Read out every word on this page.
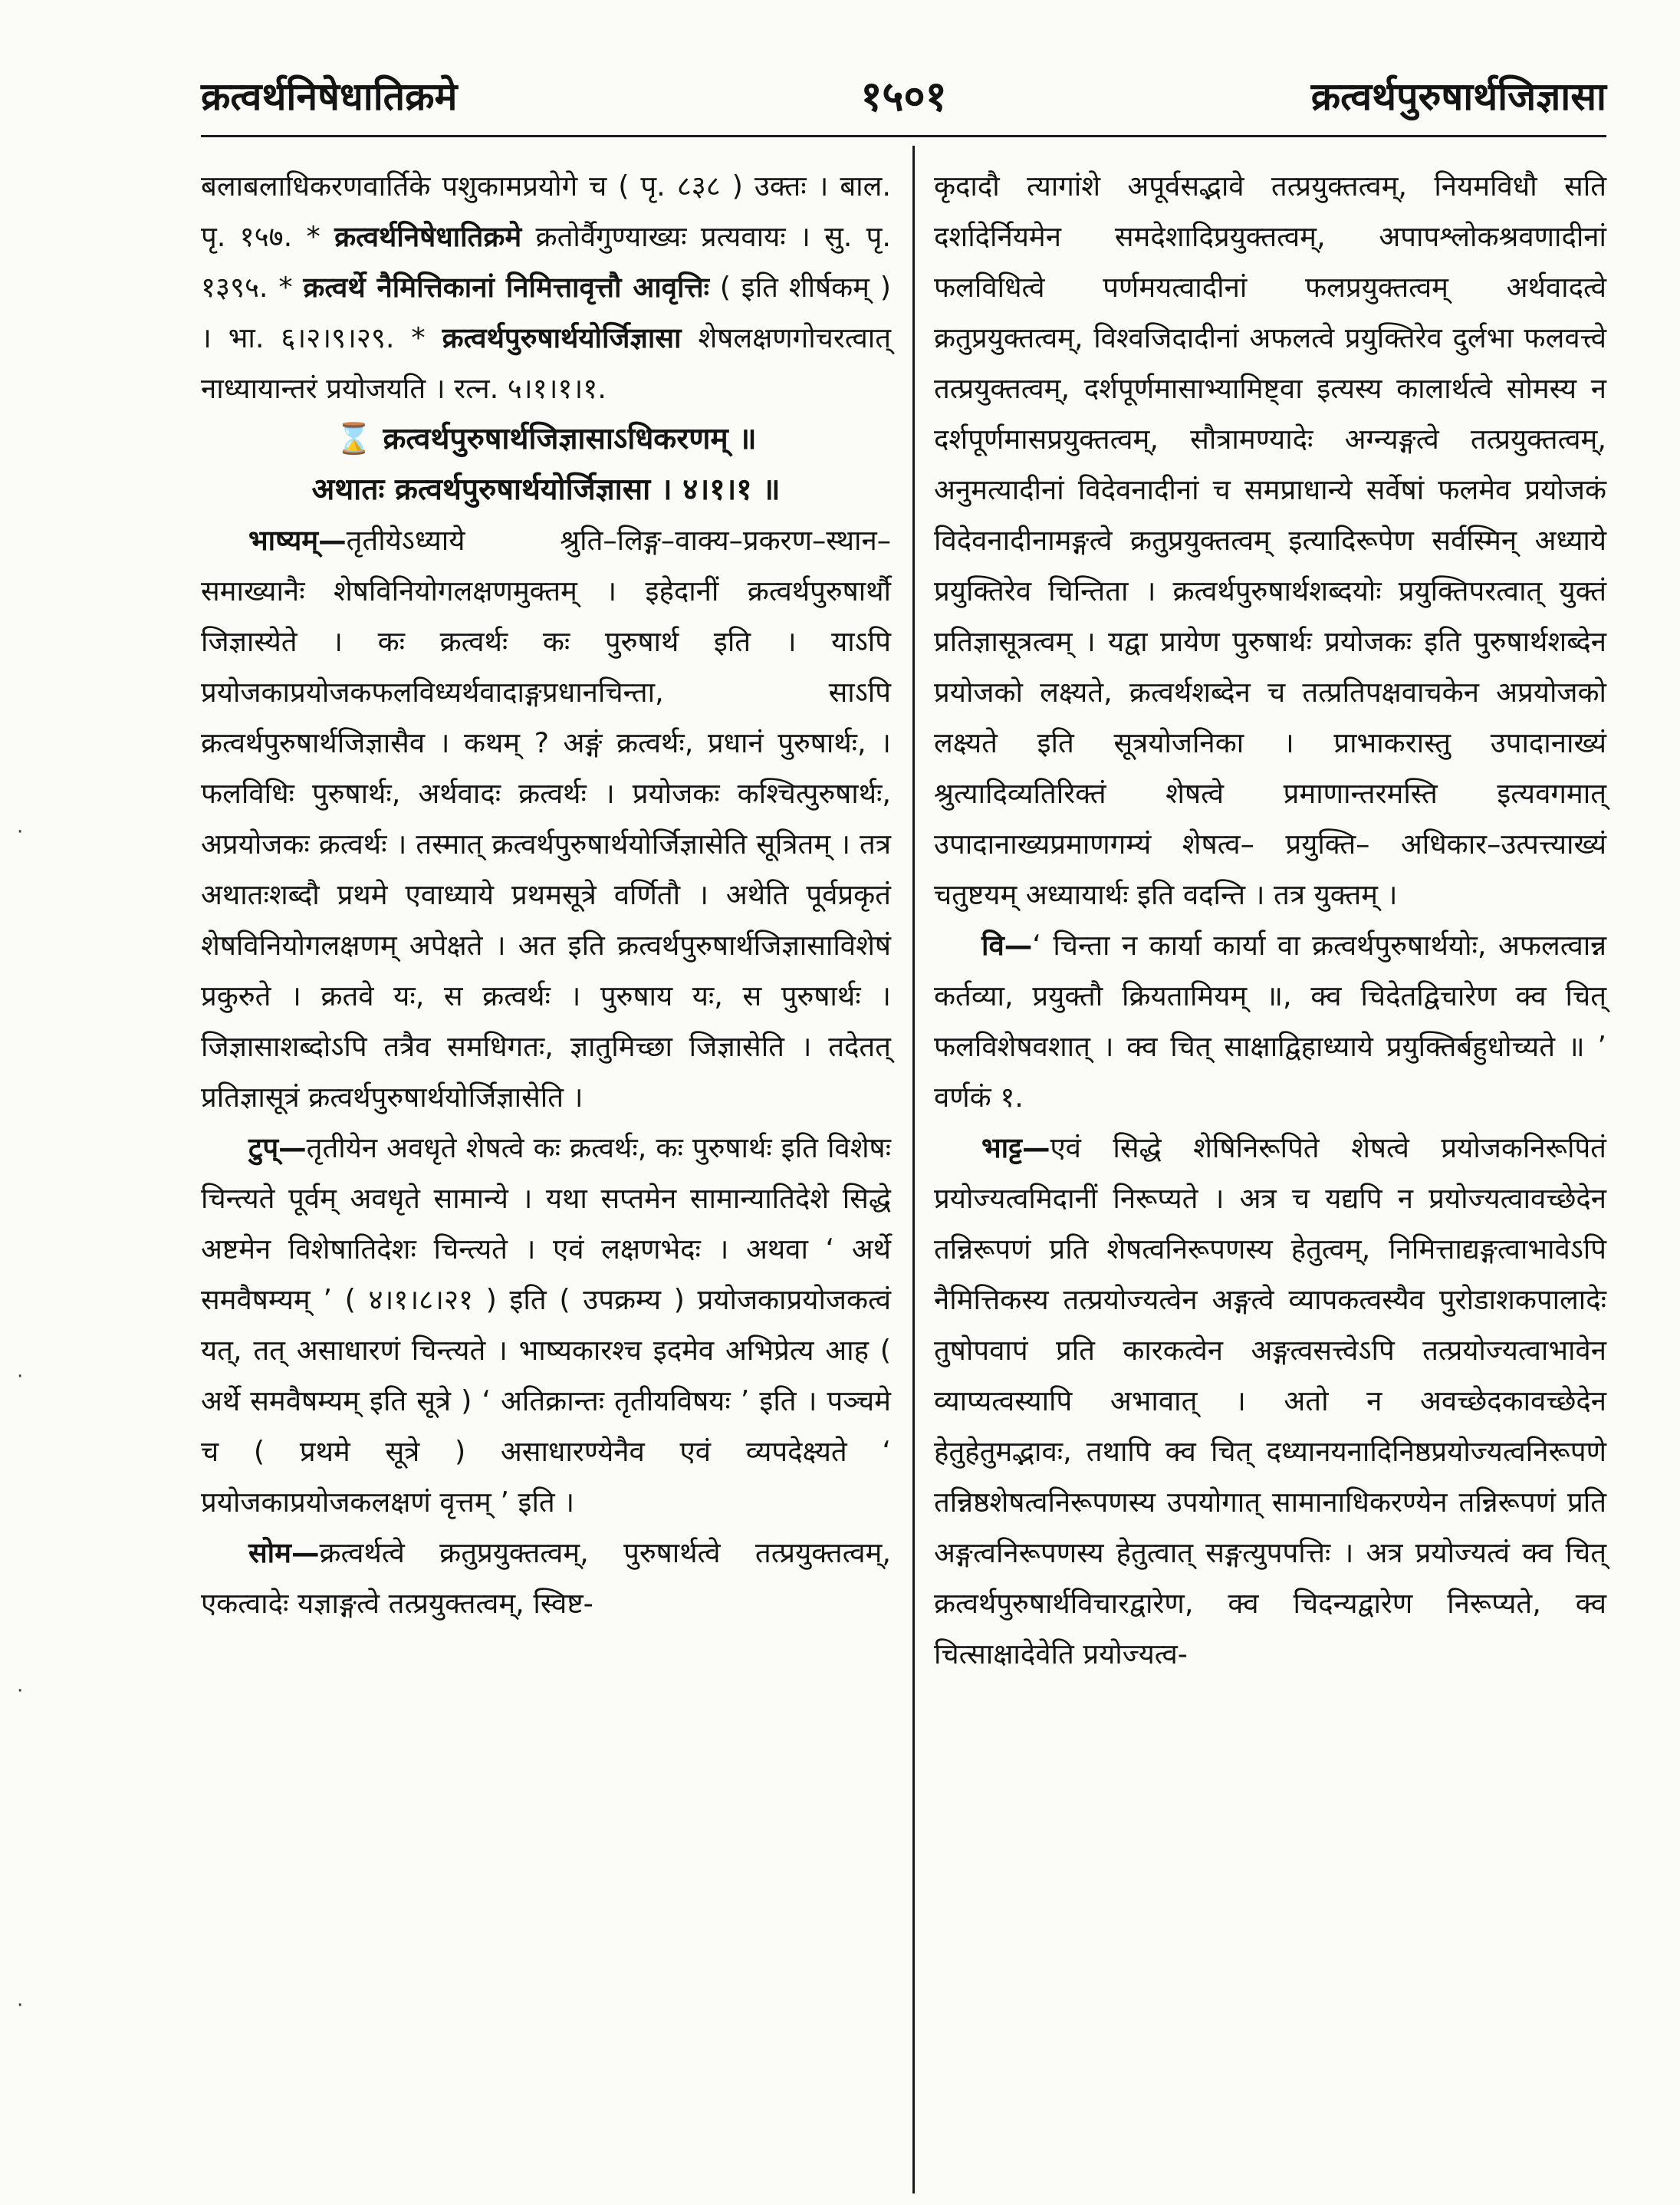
क्रत्वर्थनिषेधातिक्रमे	१५०१	क्रत्वर्थपुरुषार्थजिज्ञासा
·
·
·
·

बलाबलाधिकरणवार्तिके पशुकामप्रयोगे च ( पृ. ८३८ ) उक्तः । बाल. पृ. १५७. * क्रत्वर्थनिषेधातिक्रमे क्रतोर्वैगुण्याख्यः प्रत्यवायः । सु. पृ. १३९५. * क्रत्वर्थे नैमित्तिकानां निमित्तावृत्तौ आवृत्तिः ( इति शीर्षकम् ) । भा. ६।२।९।२९. * क्रत्वर्थपुरुषार्थयोर्जिज्ञासा शेषलक्षणगोचरत्वात् नाध्यायान्तरं प्रयोजयति । रत्न. ५।१।१।१.

⌛ क्रत्वर्थपुरुषार्थजिज्ञासाऽधिकरणम् ॥

अथातः क्रत्वर्थपुरुषार्थयोर्जिज्ञासा । ४।१।१ ॥

भाष्यम्—तृतीयेऽध्याये श्रुति–लिङ्ग–वाक्य–प्रकरण–स्थान–समाख्यानैः शेषविनियोगलक्षणमुक्तम् । इहेदानीं क्रत्वर्थपुरुषार्थौ जिज्ञास्येते । कः क्रत्वर्थः कः पुरुषार्थ इति । याऽपि प्रयोजकाप्रयोजकफलविध्यर्थवादाङ्गप्रधानचिन्ता, साऽपि क्रत्वर्थपुरुषार्थजिज्ञासैव । कथम् ? अङ्गं क्रत्वर्थः, प्रधानं पुरुषार्थः, । फलविधिः पुरुषार्थः, अर्थवादः क्रत्वर्थः । प्रयोजकः कश्चित्पुरुषार्थः, अप्रयोजकः क्रत्वर्थः । तस्मात् क्रत्वर्थपुरुषार्थयोर्जिज्ञासेति सूत्रितम् । तत्र अथातःशब्दौ प्रथमे एवाध्याये प्रथमसूत्रे वर्णितौ । अथेति पूर्वप्रकृतं शेषविनियोगलक्षणम् अपेक्षते । अत इति क्रत्वर्थपुरुषार्थजिज्ञासाविशेषं प्रकुरुते । क्रतवे यः, स क्रत्वर्थः । पुरुषाय यः, स पुरुषार्थः । जिज्ञासाशब्दोऽपि तत्रैव समधिगतः, ज्ञातुमिच्छा जिज्ञासेति । तदेतत् प्रतिज्ञासूत्रं क्रत्वर्थपुरुषार्थयोर्जिज्ञासेति ।

टुप्—तृतीयेन अवधृते शेषत्वे कः क्रत्वर्थः, कः पुरुषार्थः इति विशेषः चिन्त्यते पूर्वम् अवधृते सामान्ये । यथा सप्तमेन सामान्यातिदेशे सिद्धे अष्टमेन विशेषातिदेशः चिन्त्यते । एवं लक्षणभेदः । अथवा ‘ अर्थे समवैषम्यम् ’ ( ४।१।८।२१ ) इति ( उपक्रम्य ) प्रयोजकाप्रयोजकत्वं यत्, तत् असाधारणं चिन्त्यते । भाष्यकारश्च इदमेव अभिप्रेत्य आह ( अर्थे समवैषम्यम् इति सूत्रे ) ‘ अतिक्रान्तः तृतीयविषयः ’ इति । पञ्चमे च ( प्रथमे सूत्रे ) असाधारण्येनैव एवं व्यपदेक्ष्यते ‘ प्रयोजकाप्रयोजकलक्षणं वृत्तम् ’ इति ।

सोम—क्रत्वर्थत्वे क्रतुप्रयुक्तत्वम्, पुरुषार्थत्वे तत्प्रयुक्तत्वम्, एकत्वादेः यज्ञाङ्गत्वे तत्प्रयुक्तत्वम्, स्विष्ट-

कृदादौ त्यागांशे अपूर्वसद्भावे तत्प्रयुक्तत्वम्, नियमविधौ सति दर्शादेर्नियमेन समदेशादिप्रयुक्तत्वम्, अपापश्लोकश्रवणादीनां फलविधित्वे पर्णमयत्वादीनां फलप्रयुक्तत्वम् अर्थवादत्वे क्रतुप्रयुक्तत्वम्, विश्वजिदादीनां अफलत्वे प्रयुक्तिरेव दुर्लभा फलवत्त्वे तत्प्रयुक्तत्वम्, दर्शपूर्णमासाभ्यामिष्ट्वा इत्यस्य कालार्थत्वे सोमस्य न दर्शपूर्णमासप्रयुक्तत्वम्, सौत्रामण्यादेः अग्न्यङ्गत्वे तत्प्रयुक्तत्वम्, अनुमत्यादीनां विदेवनादीनां च समप्राधान्ये सर्वेषां फलमेव प्रयोजकं विदेवनादीनामङ्गत्वे क्रतुप्रयुक्तत्वम् इत्यादिरूपेण सर्वस्मिन् अध्याये प्रयुक्तिरेव चिन्तिता । क्रत्वर्थपुरुषार्थशब्दयोः प्रयुक्तिपरत्वात् युक्तं प्रतिज्ञासूत्रत्वम् । यद्वा प्रायेण पुरुषार्थः प्रयोजकः इति पुरुषार्थशब्देन प्रयोजको लक्ष्यते, क्रत्वर्थशब्देन च तत्प्रतिपक्षवाचकेन अप्रयोजको लक्ष्यते इति सूत्रयोजनिका । प्राभाकरास्तु उपादानाख्यं श्रुत्यादिव्यतिरिक्तं शेषत्वे प्रमाणान्तरमस्ति इत्यवगमात् उपादानाख्यप्रमाणगम्यं शेषत्व– प्रयुक्ति– अधिकार–उत्पत्त्याख्यं चतुष्टयम् अध्यायार्थः इति वदन्ति । तत्र युक्तम् ।

वि—‘ चिन्ता न कार्या कार्या वा क्रत्वर्थपुरुषार्थयोः, अफलत्वान्न कर्तव्या, प्रयुक्तौ क्रियतामियम् ॥, क्व चिदेतद्विचारेण क्व चित् फलविशेषवशात् । क्व चित् साक्षाद्विहाध्याये प्रयुक्तिर्बहुधोच्यते ॥ ’ वर्णकं १.

भाट्ट—एवं सिद्धे शेषिनिरूपिते शेषत्वे प्रयोजकनिरूपितं प्रयोज्यत्वमिदानीं निरूप्यते । अत्र च यद्यपि न प्रयोज्यत्वावच्छेदेन तन्निरूपणं प्रति शेषत्वनिरूपणस्य हेतुत्वम्, निमित्ताद्यङ्गत्वाभावेऽपि नैमित्तिकस्य तत्प्रयोज्यत्वेन अङ्गत्वे व्यापकत्वस्यैव पुरोडाशकपालादेः तुषोपवापं प्रति कारकत्वेन अङ्गत्वसत्त्वेऽपि तत्प्रयोज्यत्वाभावेन व्याप्यत्वस्यापि अभावात् । अतो न अवच्छेदकावच्छेदेन हेतुहेतुमद्भावः, तथापि क्व चित् दध्यानयनादिनिष्ठप्रयोज्यत्वनिरूपणे तन्निष्ठशेषत्वनिरूपणस्य उपयोगात् सामानाधिकरण्येन तन्निरूपणं प्रति अङ्गत्वनिरूपणस्य हेतुत्वात् सङ्गत्युपपत्तिः । अत्र प्रयोज्यत्वं क्व चित् क्रत्वर्थपुरुषार्थविचारद्वारेण, क्व चिदन्यद्वारेण निरूप्यते, क्व चित्साक्षादेवेति प्रयोज्यत्व-
